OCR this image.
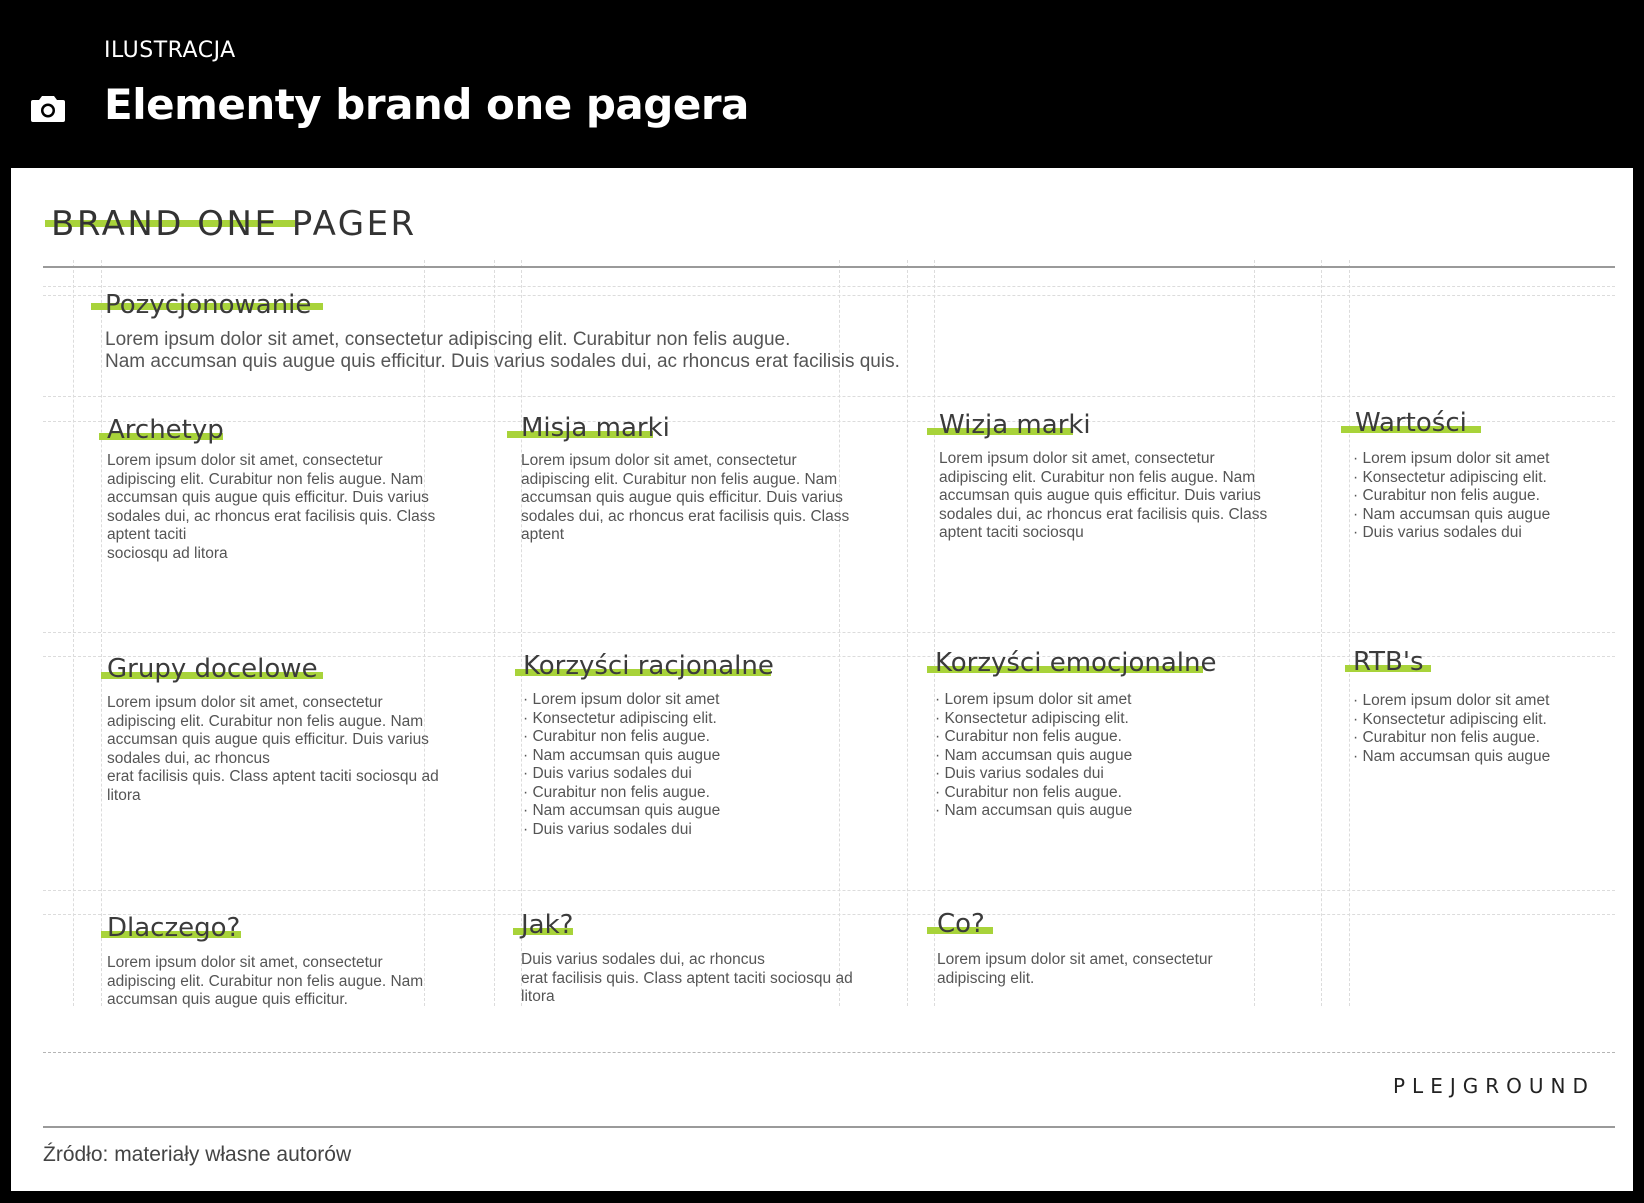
ILUSTRACJA
Elementy brand one pagera
BRAND ONE PAGER
Pozycjonowanie
Lorem ipsum dolor sit amet, consectetur adipiscing elit. Curabitur non felis augue.
Nam accumsan quis augue quis efficitur. Duis varius sodales dui, ac rhoncus erat facilisis quis.
Archetyp
Lorem ipsum dolor sit amet, consectetur
adipiscing elit. Curabitur non felis augue. Nam
accumsan quis augue quis efficitur. Duis varius
sodales dui, ac rhoncus erat facilisis quis. Class
aptent taciti
sociosqu ad litora
Misja marki
Lorem ipsum dolor sit amet, consectetur
adipiscing elit. Curabitur non felis augue. Nam
accumsan quis augue quis efficitur. Duis varius
sodales dui, ac rhoncus erat facilisis quis. Class
aptent
Wizja marki
Lorem ipsum dolor sit amet, consectetur
adipiscing elit. Curabitur non felis augue. Nam
accumsan quis augue quis efficitur. Duis varius
sodales dui, ac rhoncus erat facilisis quis. Class
aptent taciti sociosqu
Wartości
· Lorem ipsum dolor sit amet
· Konsectetur adipiscing elit.
· Curabitur non felis augue.
· Nam accumsan quis augue
· Duis varius sodales dui
Grupy docelowe
Lorem ipsum dolor sit amet, consectetur
adipiscing elit. Curabitur non felis augue. Nam
accumsan quis augue quis efficitur. Duis varius
sodales dui, ac rhoncus
erat facilisis quis. Class aptent taciti sociosqu ad
litora
Korzyści racjonalne
· Lorem ipsum dolor sit amet
· Konsectetur adipiscing elit.
· Curabitur non felis augue.
· Nam accumsan quis augue
· Duis varius sodales dui
· Curabitur non felis augue.
· Nam accumsan quis augue
· Duis varius sodales dui
Korzyści emocjonalne
· Lorem ipsum dolor sit amet
· Konsectetur adipiscing elit.
· Curabitur non felis augue.
· Nam accumsan quis augue
· Duis varius sodales dui
· Curabitur non felis augue.
· Nam accumsan quis augue
RTB's
· Lorem ipsum dolor sit amet
· Konsectetur adipiscing elit.
· Curabitur non felis augue.
· Nam accumsan quis augue
Dlaczego?
Lorem ipsum dolor sit amet, consectetur
adipiscing elit. Curabitur non felis augue. Nam
accumsan quis augue quis efficitur.
Jak?
Duis varius sodales dui, ac rhoncus
erat facilisis quis. Class aptent taciti sociosqu ad
litora
Co?
Lorem ipsum dolor sit amet, consectetur
adipiscing elit.
PLEJGROUND
Źródło: materiały własne autorów
